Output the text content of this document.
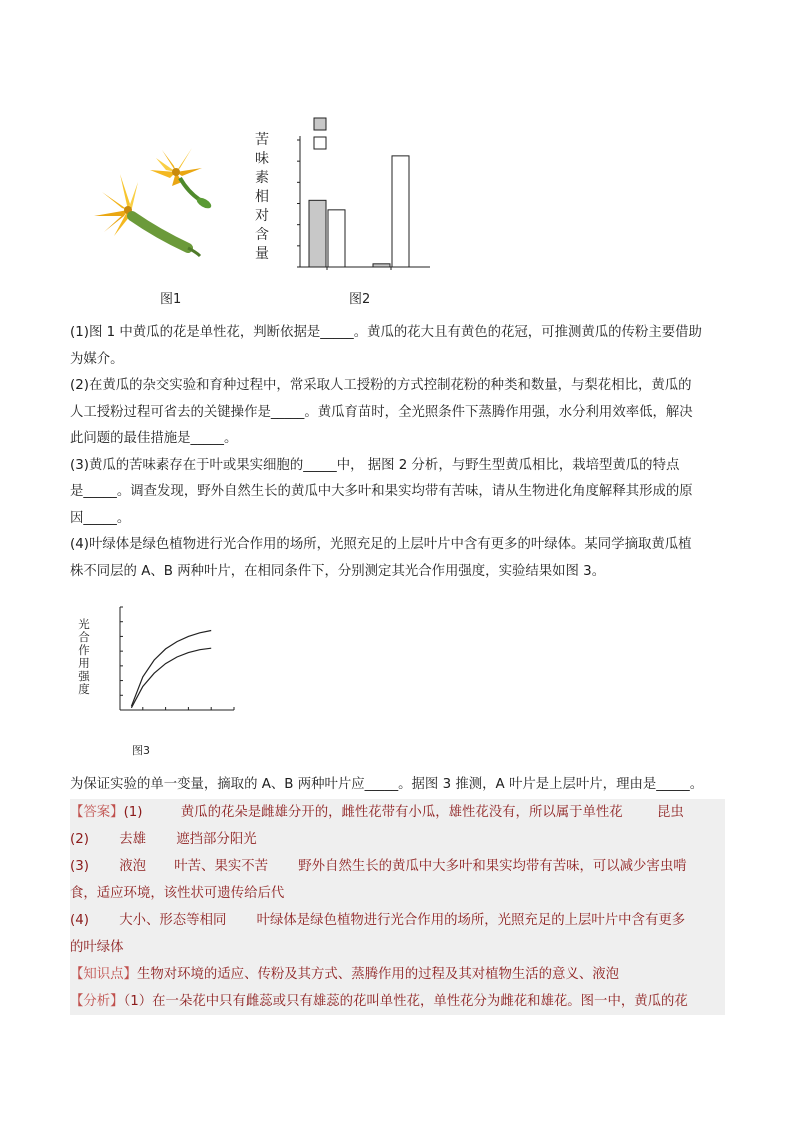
图1
苦
味
素
相
对
含
量
图2

(1)图 1 中黄瓜的花是单性花，判断依据是_____。黄瓜的花大且有黄色的花冠，可推测黄瓜的传粉主要借助

为媒介。

(2)在黄瓜的杂交实验和育种过程中，常采取人工授粉的方式控制花粉的种类和数量，与梨花相比，黄瓜的

人工授粉过程可省去的关键操作是_____。黄瓜育苗时，全光照条件下蒸腾作用强，水分利用效率低，解决

此问题的最佳措施是_____。

(3)黄瓜的苦味素存在于叶或果实细胞的_____中， 据图 2 分析，与野生型黄瓜相比，栽培型黄瓜的特点

是_____。调查发现，野外自然生长的黄瓜中大多叶和果实均带有苦味，请从生物进化角度解释其形成的原

因_____。

(4)叶绿体是绿色植物进行光合作用的场所，光照充足的上层叶片中含有更多的叶绿体。某同学摘取黄瓜植

株不同层的 A、B 两种叶片，在相同条件下，分别测定其光合作用强度，实验结果如图 3。

光
合
作
用
强
度
图3

为保证实验的单一变量，摘取的 A、B 两种叶片应_____。据图 3 推测，A 叶片是上层叶片，理由是_____。

【答案】(1)	黄瓜的花朵是雌雄分开的，雌性花带有小瓜，雄性花没有，所以属于单性花	昆虫

(2) 去雄 遮挡部分阳光

(3) 液泡 叶苦、果实不苦 野外自然生长的黄瓜中大多叶和果实均带有苦味，可以减少害虫啃

食，适应环境，该性状可遗传给后代

(4) 大小、形态等相同 叶绿体是绿色植物进行光合作用的场所，光照充足的上层叶片中含有更多

的叶绿体

【知识点】生物对环境的适应、传粉及其方式、蒸腾作用的过程及其对植物生活的意义、液泡

【分析】（1）在一朵花中只有雌蕊或只有雄蕊的花叫单性花，单性花分为雌花和雄花。图一中，黄瓜的花
